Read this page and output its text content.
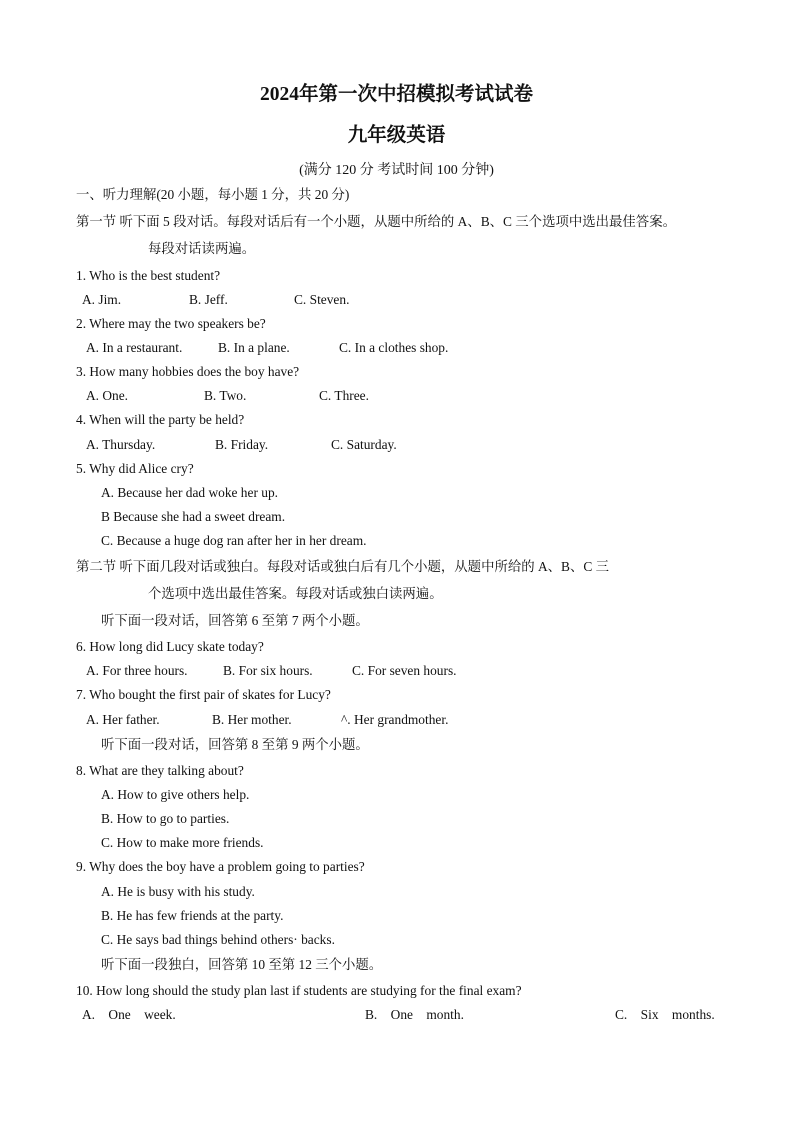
2024年第一次中招模拟考试试卷
九年级英语
(满分 120 分 考试时间 100 分钟)
一、听力理解(20 小题，每小题 1 分，共 20 分)
第一节 听下面 5 段对话。每段对话后有一个小题，从题中所给的 A、B、C 三个选项中选出最佳答案。
每段对话读两遍。
1. Who is the best student?
A. Jim.	B. Jeff.	C. Steven.
2. Where may the two speakers be?
A. In a restaurant.	B. In a plane.	C. In a clothes shop.
3. How many hobbies does the boy have?
A. One.	B. Two.	C. Three.
4. When will the party be held?
A. Thursday.	B. Friday.	C. Saturday.
5. Why did Alice cry?
A. Because her dad woke her up.
B Because she had a sweet dream.
C. Because a huge dog ran after her in her dream.
第二节 听下面几段对话或独白。每段对话或独白后有几个小题，从题中所给的 A、B、C 三
个选项中选出最佳答案。每段对话或独白读两遍。
听下面一段对话，回答第 6 至第 7 两个小题。
6. How long did Lucy skate today?
A. For three hours.	B. For six hours.	C. For seven hours.
7. Who bought the first pair of skates for Lucy?
A. Her father.	B. Her mother.	^. Her grandmother.
听下面一段对话，回答第 8 至第 9 两个小题。
8. What are they talking about?
A. How to give others help.
B. How to go to parties.
C. How to make more friends.
9. Why does the boy have a problem going to parties?
A. He is busy with his study.
B. He has few friends at the party.
C. He says bad things behind others· backs.
听下面一段独白，回答第 10 至第 12 三个小题。
10. How long should the study plan last if students are studying for the final exam?
A.    One    week.	B.    One    month.	C.    Six    months.
